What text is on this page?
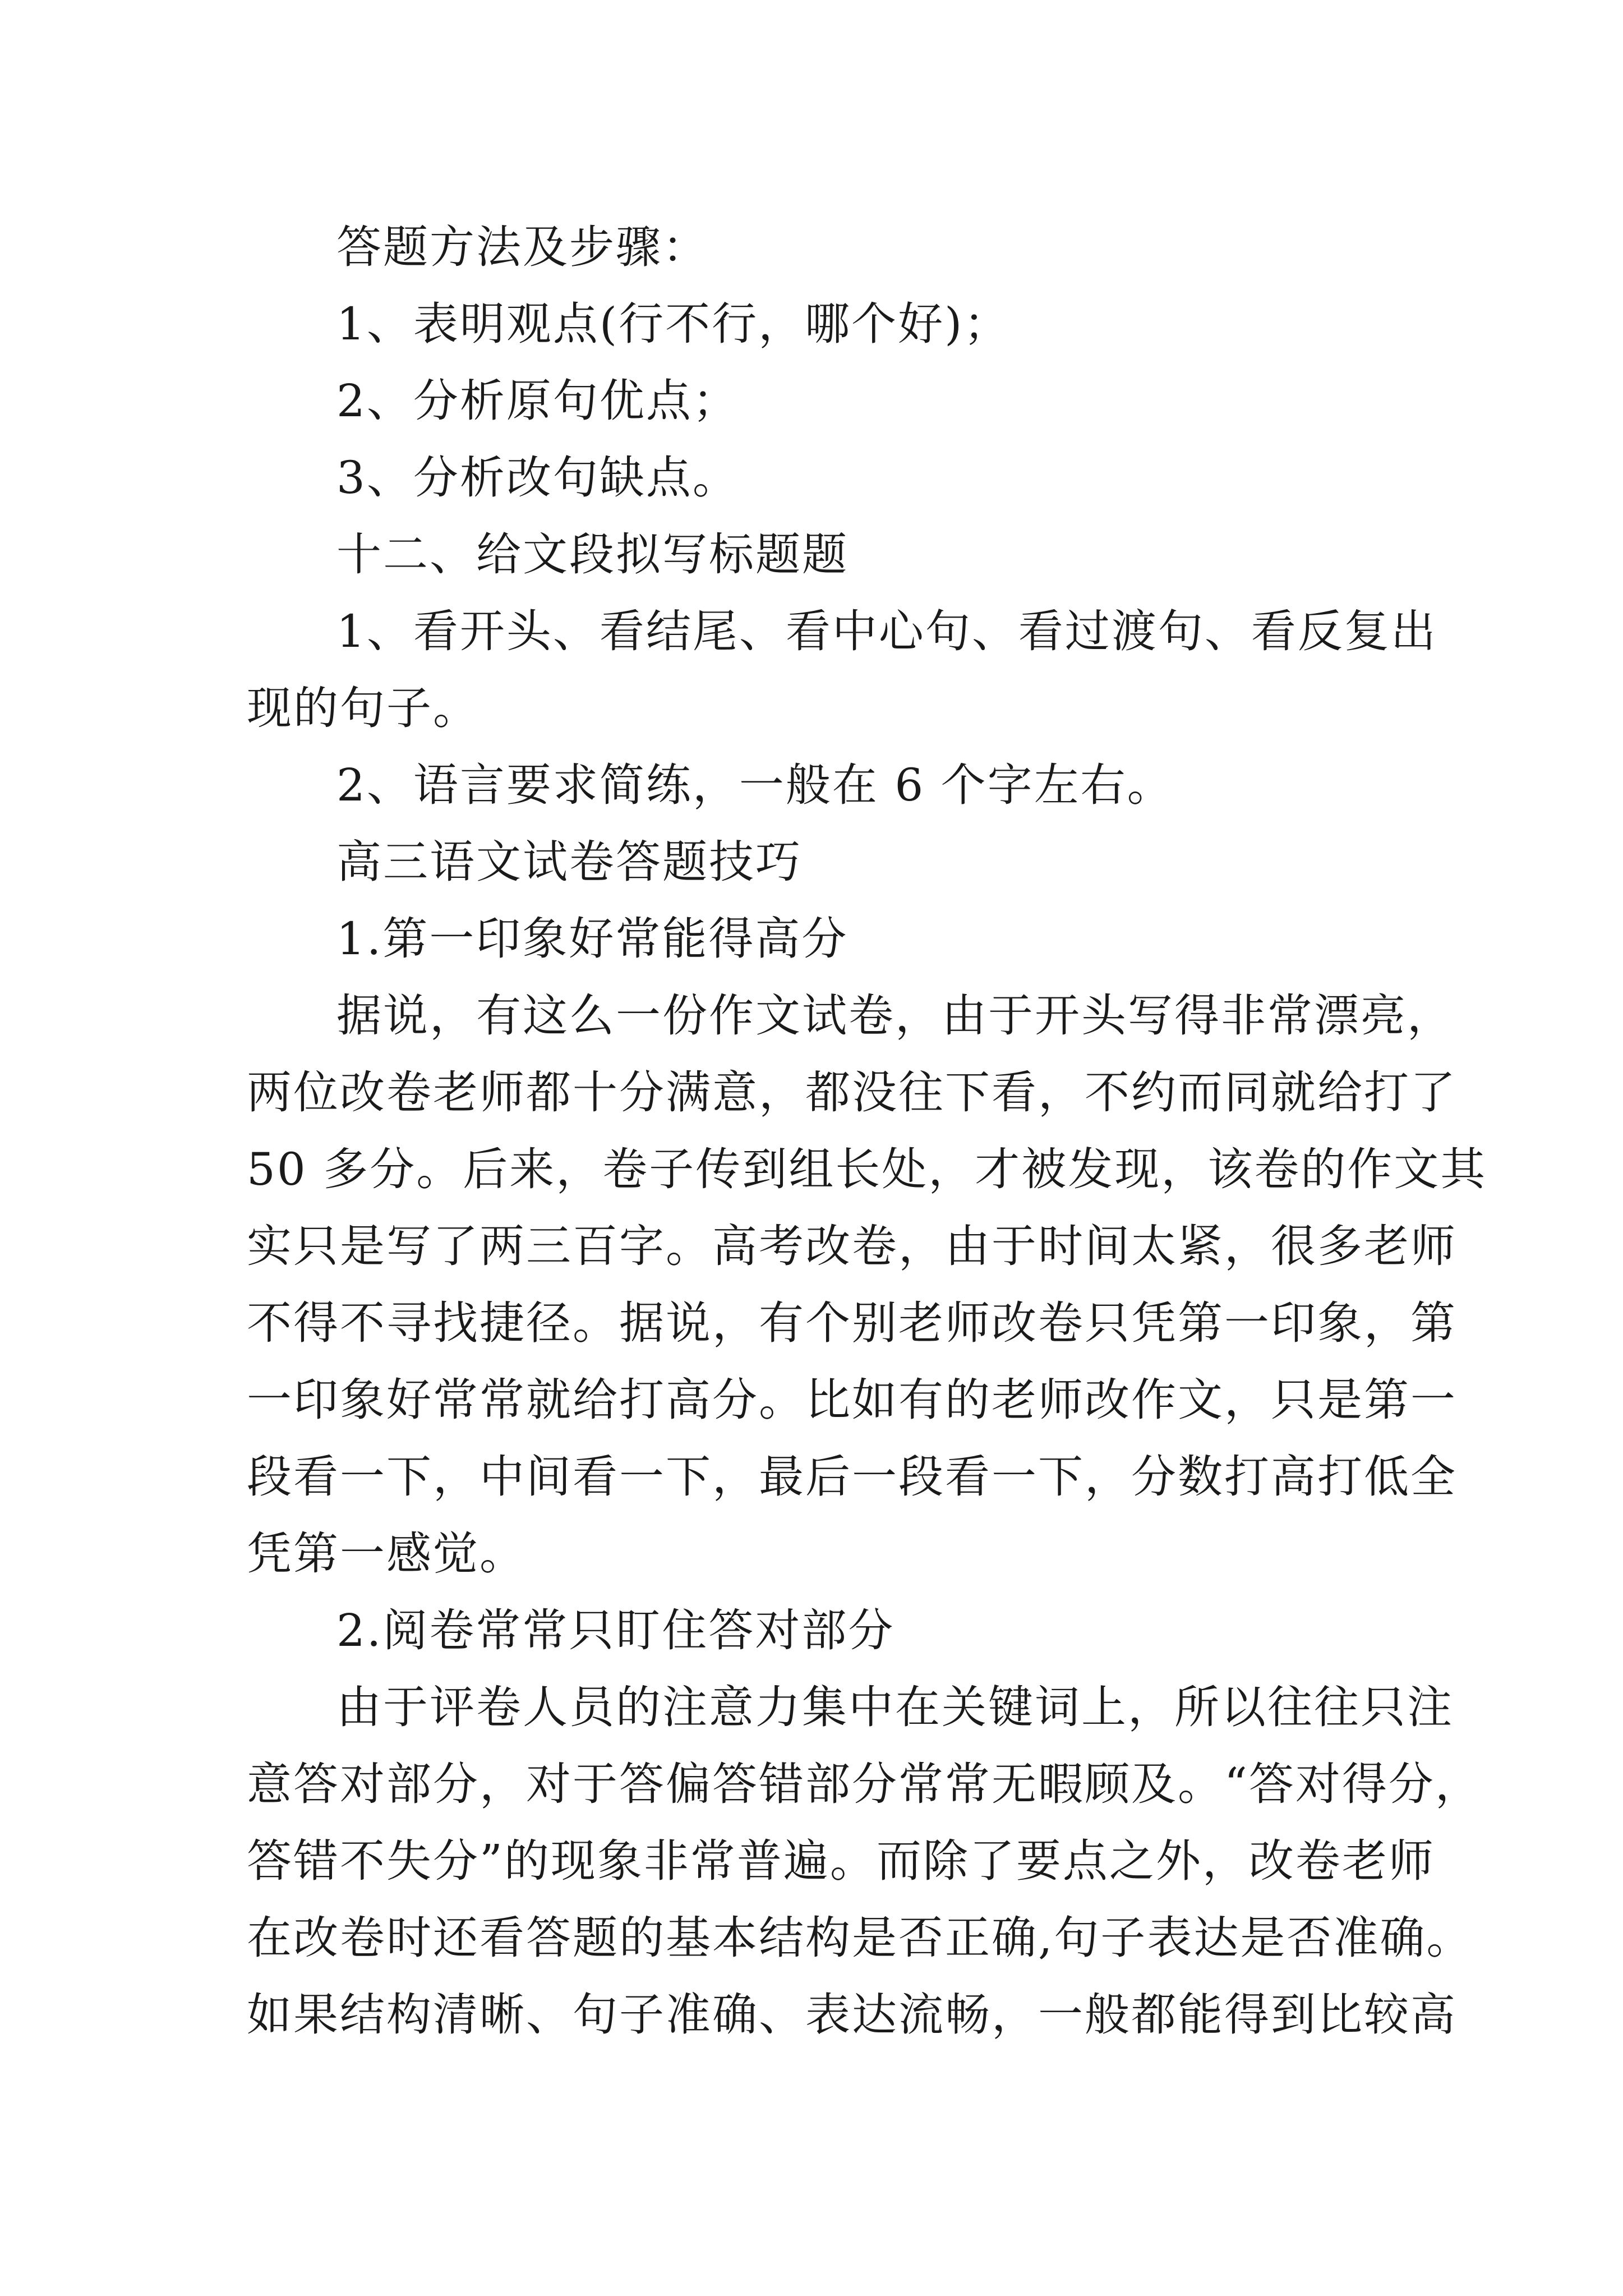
答题方法及步骤：
1、表明观点(行不行，哪个好)；
2、分析原句优点；
3、分析改句缺点。
十二、给文段拟写标题题
1、看开头、看结尾、看中心句、看过渡句、看反复出
现的句子。
2、语言要求简练，一般在 6 个字左右。
高三语文试卷答题技巧
1.第一印象好常能得高分
据说，有这么一份作文试卷，由于开头写得非常漂亮，
两位改卷老师都十分满意，都没往下看，不约而同就给打了
50 多分。后来，卷子传到组长处，才被发现，该卷的作文其
实只是写了两三百字。高考改卷，由于时间太紧，很多老师
不得不寻找捷径。据说，有个别老师改卷只凭第一印象，第
一印象好常常就给打高分。比如有的老师改作文，只是第一
段看一下，中间看一下，最后一段看一下，分数打高打低全
凭第一感觉。
2.阅卷常常只盯住答对部分
由于评卷人员的注意力集中在关键词上，所以往往只注
意答对部分，对于答偏答错部分常常无暇顾及。“答对得分，
答错不失分”的现象非常普遍。而除了要点之外，改卷老师
在改卷时还看答题的基本结构是否正确,句子表达是否准确。
如果结构清晰、句子准确、表达流畅，一般都能得到比较高
